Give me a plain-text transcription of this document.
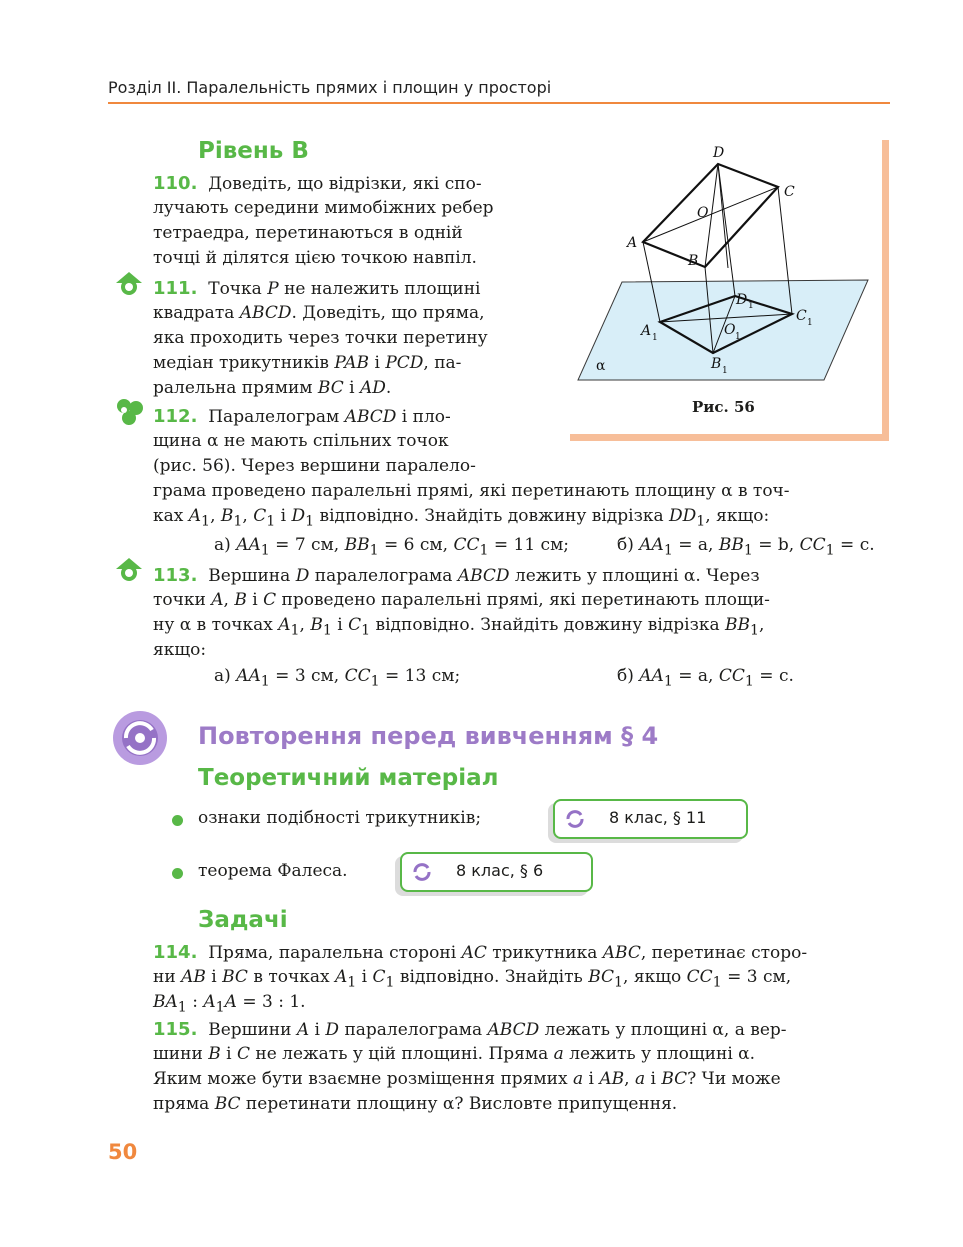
Розділ II. Паралельність прямих і площин у просторі
Рівень B	D
C
O
A
B
D 1
C 1
A 1	O 1
B 1
α
Рис. 56
110. Доведіть, що відрізки, які спо-
лучають середини мимобіжних ребер
тетраедра, перетинаються в одній
точці й ділятся цією точкою навпіл.
111. Точка P не належить площині
квадрата ABCD. Доведіть, що пряма,
яка проходить через точки перетину
медіан трикутників PAB і PCD, па-
ралельна прямим BC і AD.
112. Паралелограм ABCD і пло-
щина α не мають спільних точок
(рис. 56). Через вершини паралело-
грама проведено паралельні прямі, які перетинають площину α в точ-
ках $A_1$, $B_1$, $C_1$ і $D_1$ відповідно. Знайдіть довжину відрізка $DD_1$, якщо:
а) $AA_1 = 7$ см, $BB_1 = 6$ см, $CC_1 = 11$ см;	б) $AA_1 = a$, $BB_1 = b$, $CC_1 = c$.
113. Вершина D паралелограма ABCD лежить у площині α. Через
точки A, B і C проведено паралельні прямі, які перетинають площи-
ну α в точках $A_1$, $B_1$ і $C_1$ відповідно. Знайдіть довжину відрізка $BB_1$,
якщо:
а) $AA_1 = 3$ см, $CC_1 = 13$ см;	б) $AA_1 = a$, $CC_1 = c$.
Повторення перед вивченням § 4
Теоретичний матеріал
ознаки подібності трикутників;	8 клас, § 11
теорема Фалеса.	8 клас, § 6
Задачі
114. Пряма, паралельна стороні AC трикутника ABC, перетинає сторо-
ни AB і BC в точках $A_1$ і $C_1$ відповідно. Знайдіть $BC_1$, якщо $CC_1 = 3$ см,
$BA_1$ : $A_1A = 3$ : 1.
115. Вершини A і D паралелограма ABCD лежать у площині α, а вер-
шини B і C не лежать у цій площині. Пряма a лежить у площині α.
Яким може бути взаємне розміщення прямих a і AB, a і BC? Чи може
пряма BC перетинати площину α? Висловте припущення.
50
